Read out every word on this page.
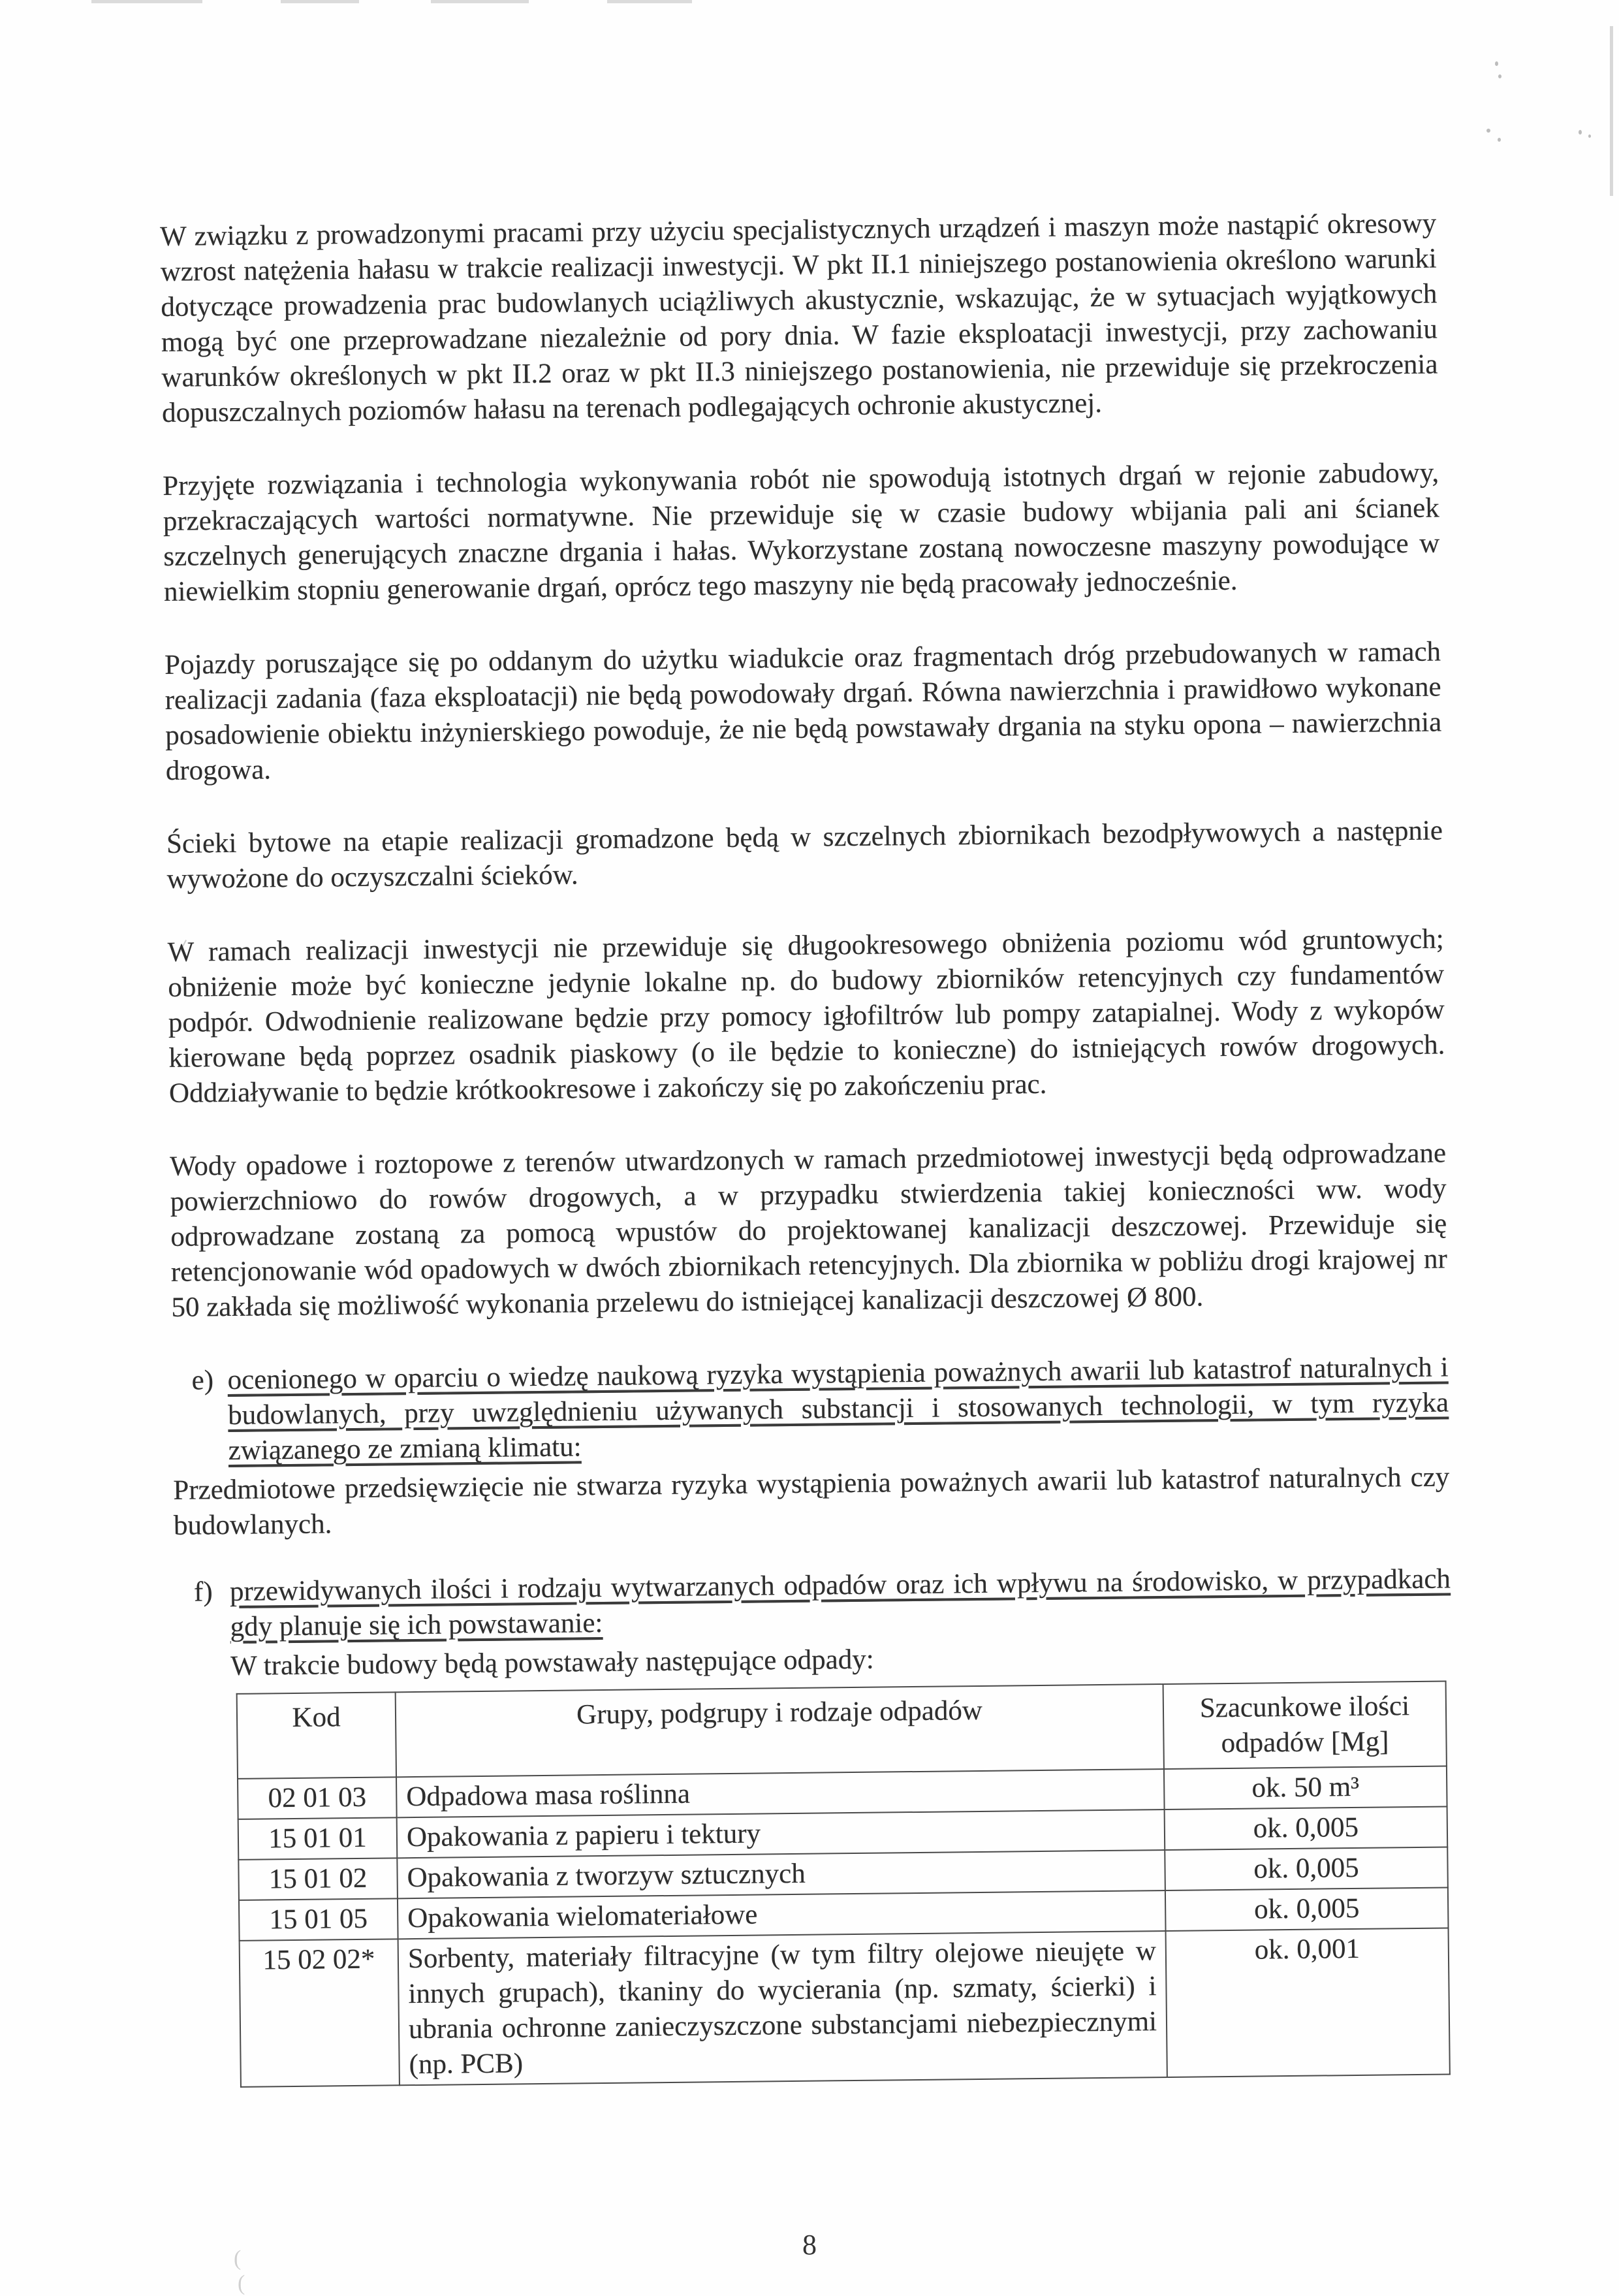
(
(

W związku z prowadzonymi pracami przy użyciu specjalistycznych urządzeń i maszyn może nastąpić okresowy wzrost natężenia hałasu w trakcie realizacji inwestycji. W pkt II.1 niniejszego postanowienia określono warunki dotyczące prowadzenia prac budowlanych uciążliwych akustycznie, wskazując, że w sytuacjach wyjątkowych mogą być one przeprowadzane niezależnie od pory dnia. W fazie eksploatacji inwestycji, przy zachowaniu warunków określonych w pkt II.2 oraz w pkt II.3 niniejszego postanowienia, nie przewiduje się przekroczenia dopuszczalnych poziomów hałasu na terenach podlegających ochronie akustycznej.

Przyjęte rozwiązania i technologia wykonywania robót nie spowodują istotnych drgań w rejonie zabudowy, przekraczających wartości normatywne. Nie przewiduje się w czasie budowy wbijania pali ani ścianek szczelnych generujących znaczne drgania i hałas. Wykorzystane zostaną nowoczesne maszyny powodujące w niewielkim stopniu generowanie drgań, oprócz tego maszyny nie będą pracowały jednocześnie.

Pojazdy poruszające się po oddanym do użytku wiadukcie oraz fragmentach dróg przebudowanych w ramach realizacji zadania (faza eksploatacji) nie będą powodowały drgań. Równa nawierzchnia i prawidłowo wykonane posadowienie obiektu inżynierskiego powoduje, że nie będą powstawały drgania na styku opona – nawierzchnia drogowa.

Ścieki bytowe na etapie realizacji gromadzone będą w szczelnych zbiornikach bezodpływowych a następnie wywożone do oczyszczalni ścieków.

W ramach realizacji inwestycji nie przewiduje się długookresowego obniżenia poziomu wód gruntowych; obniżenie może być konieczne jedynie lokalne np. do budowy zbiorników retencyjnych czy fundamentów podpór. Odwodnienie realizowane będzie przy pomocy igłofiltrów lub pompy zatapialnej. Wody z wykopów kierowane będą poprzez osadnik piaskowy (o ile będzie to konieczne) do istniejących rowów drogowych. Oddziaływanie to będzie krótkookresowe i zakończy się po zakończeniu prac.

Wody opadowe i roztopowe z terenów utwardzonych w ramach przedmiotowej inwestycji będą odprowadzane powierzchniowo do rowów drogowych, a w przypadku stwierdzenia takiej konieczności ww. wody odprowadzane zostaną za pomocą wpustów do projektowanej kanalizacji deszczowej. Przewiduje się retencjonowanie wód opadowych w dwóch zbiornikach retencyjnych. Dla zbiornika w pobliżu drogi krajowej nr 50 zakłada się możliwość wykonania przelewu do istniejącej kanalizacji deszczowej Ø 800.

e) ocenionego w oparciu o wiedzę naukową ryzyka wystąpienia poważnych awarii lub katastrof naturalnych i budowlanych, przy uwzględnieniu używanych substancji i stosowanych technologii, w tym ryzyka związanego ze zmianą klimatu:

Przedmiotowe przedsięwzięcie nie stwarza ryzyka wystąpienia poważnych awarii lub katastrof naturalnych czy budowlanych.

f) przewidywanych ilości i rodzaju wytwarzanych odpadów oraz ich wpływu na środowisko, w przypadkach gdy planuje się ich powstawanie:
W trakcie budowy będą powstawały następujące odpady:
Kod	Grupy, podgrupy i rodzaje odpadów	Szacunkowe ilości odpadów [Mg]
02 01 03	Odpadowa masa roślinna	ok. 50 m³
15 01 01	Opakowania z papieru i tektury	ok. 0,005
15 01 02	Opakowania z tworzyw sztucznych	ok. 0,005
15 01 05	Opakowania wielomateriałowe	ok. 0,005
15 02 02*	Sorbenty, materiały filtracyjne (w tym filtry olejowe nieujęte w innych grupach), tkaniny do wycierania (np. szmaty, ścierki) i ubrania ochronne zanieczyszczone substancjami niebezpiecznymi (np. PCB)	ok. 0,001
8
